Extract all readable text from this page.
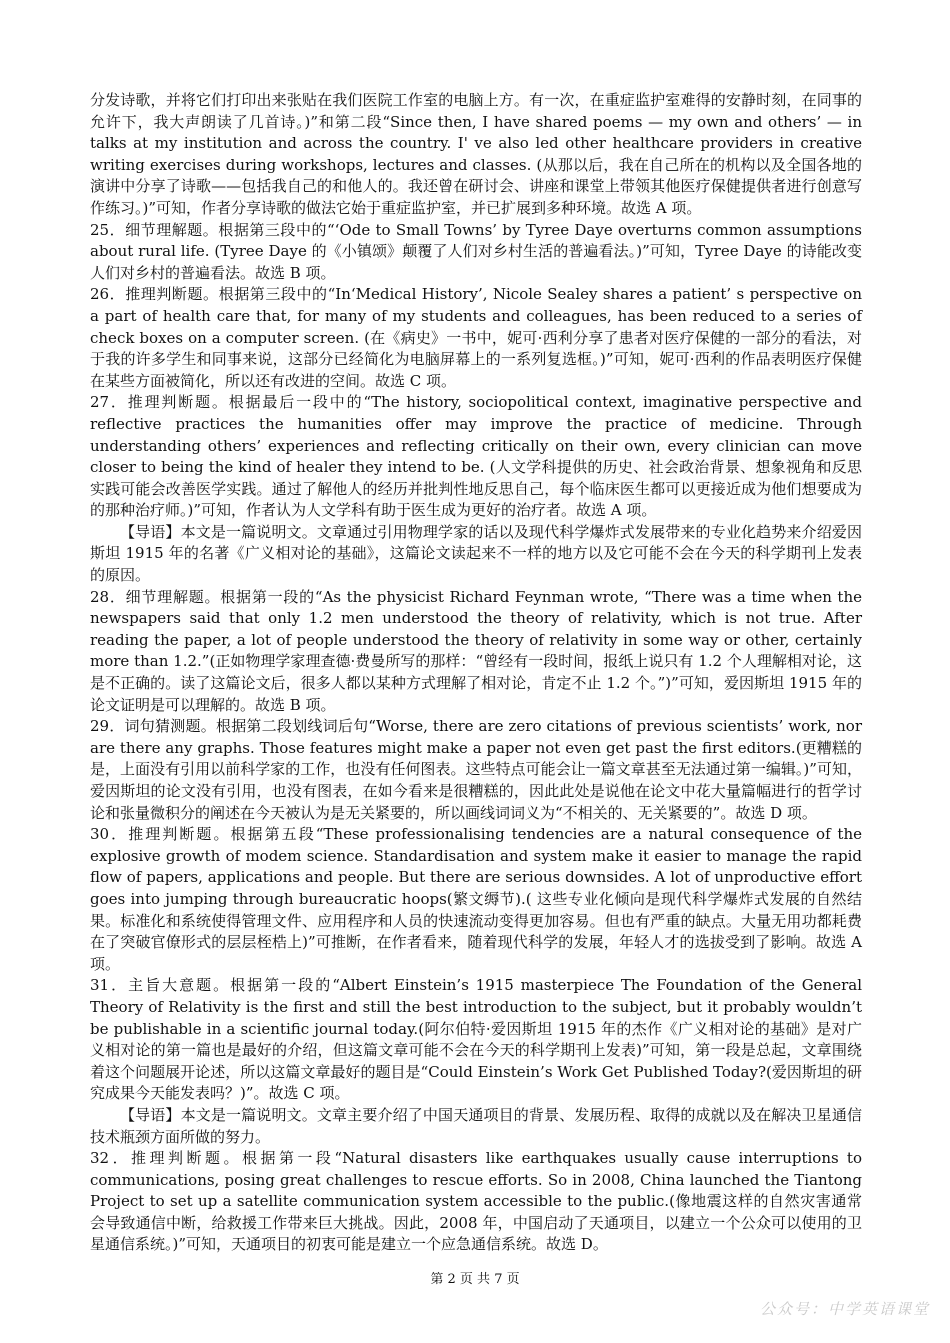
分发诗歌，并将它们打印出来张贴在我们医院工作室的电脑上方。有一次，在重症监护室难得的安静时刻，在同事的允许下，我大声朗读了几首诗。)”和第二段“Since then, I have shared poems — my own and others’ — in talks at my institution and across the country. I' ve also led other healthcare providers in creative writing exercises during workshops, lectures and classes. (从那以后，我在自己所在的机构以及全国各地的演讲中分享了诗歌——包括我自己的和他人的。我还曾在研讨会、讲座和课堂上带领其他医疗保健提供者进行创意写作练习。)”可知，作者分享诗歌的做法它始于重症监护室，并已扩展到多种环境。故选 A 项。

25．细节理解题。根据第三段中的“‘Ode to Small Towns’ by Tyree Daye overturns common assumptions about rural life. (Tyree Daye 的《小镇颂》颠覆了人们对乡村生活的普遍看法。)”可知，Tyree Daye 的诗能改变人们对乡村的普遍看法。故选 B 项。

26．推理判断题。根据第三段中的“In‘Medical History’, Nicole Sealey shares a patient’ s perspective on a part of health care that, for many of my students and colleagues, has been reduced to a series of check boxes on a computer screen. (在《病史》一书中，妮可·西利分享了患者对医疗保健的一部分的看法，对于我的许多学生和同事来说，这部分已经简化为电脑屏幕上的一系列复选框。)”可知，妮可·西利的作品表明医疗保健在某些方面被简化，所以还有改进的空间。故选 C 项。

27．推理判断题。根据最后一段中的“The history, sociopolitical context, imaginative perspective and reflective practices the humanities offer may improve the practice of medicine. Through understanding others’ experiences and reflecting critically on their own, every clinician can move closer to being the kind of healer they intend to be. (人文学科提供的历史、社会政治背景、想象视角和反思实践可能会改善医学实践。通过了解他人的经历并批判性地反思自己，每个临床医生都可以更接近成为他们想要成为的那种治疗师。)”可知，作者认为人文学科有助于医生成为更好的治疗者。故选 A 项。

【导语】本文是一篇说明文。文章通过引用物理学家的话以及现代科学爆炸式发展带来的专业化趋势来介绍爱因斯坦 1915 年的名著《广义相对论的基础》，这篇论文读起来不一样的地方以及它可能不会在今天的科学期刊上发表的原因。

28．细节理解题。根据第一段的“As the physicist Richard Feynman wrote, “There was a time when the newspapers said that only 1.2 men understood the theory of relativity, which is not true. After reading the paper, a lot of people understood the theory of relativity in some way or other, certainly more than 1.2.”(正如物理学家理查德·费曼所写的那样：“曾经有一段时间，报纸上说只有 1.2 个人理解相对论，这是不正确的。读了这篇论文后，很多人都以某种方式理解了相对论，肯定不止 1.2 个。”)”可知，爱因斯坦 1915 年的论文证明是可以理解的。故选 B 项。

29．词句猜测题。根据第二段划线词后句“Worse, there are zero citations of previous scientists’ work, nor are there any graphs. Those features might make a paper not even get past the first editors.(更糟糕的是，上面没有引用以前科学家的工作，也没有任何图表。这些特点可能会让一篇文章甚至无法通过第一编辑。)”可知，爱因斯坦的论文没有引用，也没有图表，在如今看来是很糟糕的，因此此处是说他在论文中花大量篇幅进行的哲学讨论和张量微积分的阐述在今天被认为是无关紧要的，所以画线词词义为“不相关的、无关紧要的”。故选 D 项。

30．推理判断题。根据第五段“These professionalising tendencies are a natural consequence of the explosive growth of modem science. Standardisation and system make it easier to manage the rapid flow of papers, applications and people. But there are serious downsides. A lot of unproductive effort goes into jumping through bureaucratic hoops(繁文缛节).( 这些专业化倾向是现代科学爆炸式发展的自然结果。标准化和系统使得管理文件、应用程序和人员的快速流动变得更加容易。但也有严重的缺点。大量无用功都耗费在了突破官僚形式的层层桎梏上)”可推断，在作者看来，随着现代科学的发展，年轻人才的选拔受到了影响。故选 A 项。

31．主旨大意题。根据第一段的“Albert Einstein’s 1915 masterpiece The Foundation of the General Theory of Relativity is the first and still the best introduction to the subject, but it probably wouldn’t be publishable in a scientific journal today.(阿尔伯特·爱因斯坦 1915 年的杰作《广义相对论的基础》是对广义相对论的第一篇也是最好的介绍，但这篇文章可能不会在今天的科学期刊上发表)”可知，第一段是总起，文章围绕着这个问题展开论述，所以这篇文章最好的题目是“Could Einstein’s Work Get Published Today?(爱因斯坦的研究成果今天能发表吗？)”。故选 C 项。

【导语】本文是一篇说明文。文章主要介绍了中国天通项目的背景、发展历程、取得的成就以及在解决卫星通信技术瓶颈方面所做的努力。

32．推理判断题。根据第一段“Natural disasters like earthquakes usually cause interruptions to communications, posing great challenges to rescue efforts. So in 2008, China launched the Tiantong Project to set up a satellite communication system accessible to the public.(像地震这样的自然灾害通常会导致通信中断，给救援工作带来巨大挑战。因此，2008 年，中国启动了天通项目，以建立一个公众可以使用的卫星通信系统。)”可知，天通项目的初衷可能是建立一个应急通信系统。故选 D。

第 2 页 共 7 页
公众号：中学英语课堂
